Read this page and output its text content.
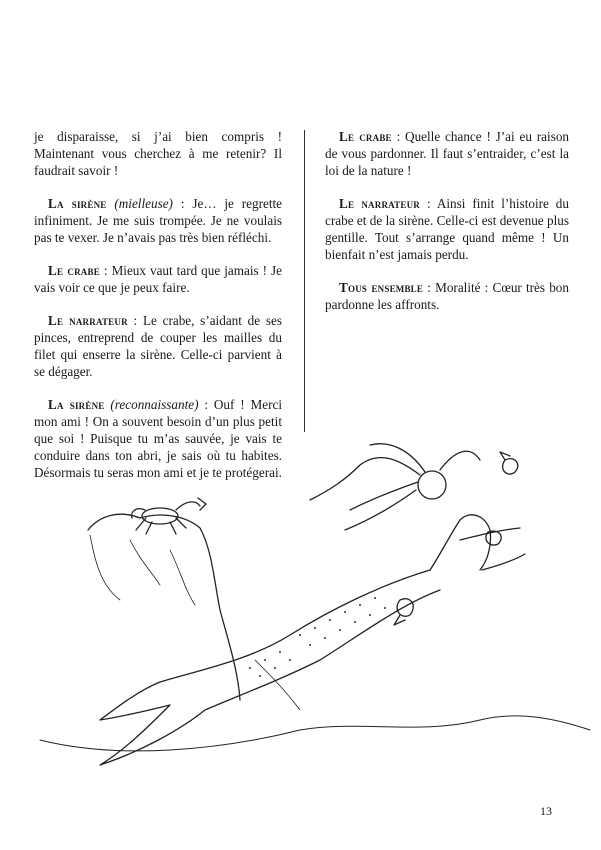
je disparaisse, si j’ai bien compris ! Maintenant vous cherchez à me retenir? Il faudrait savoir !

La sirène (mielleuse) : Je… je regrette infiniment. Je me suis trompée. Je ne voulais pas te vexer. Je n’avais pas très bien réfléchi.

Le crabe : Mieux vaut tard que jamais ! Je vais voir ce que je peux faire.

Le narrateur : Le crabe, s’aidant de ses pinces, entreprend de couper les mailles du filet qui enserre la sirène. Celle-ci parvient à se dégager.

La sirène (reconnaissante) : Ouf ! Merci mon ami ! On a souvent besoin d’un plus petit que soi ! Puisque tu m’as sauvée, je vais te conduire dans ton abri, je sais où tu habites. Désormais tu seras mon ami et je te protégerai.

Le crabe : Quelle chance ! J’ai eu raison de vous pardonner. Il faut s’entraider, c’est la loi de la nature !

Le narrateur : Ainsi finit l’histoire du crabe et de la sirène. Celle-ci est devenue plus gentille. Tout s’arrange quand même ! Un bienfait n’est jamais perdu.

Tous ensemble : Moralité : Cœur très bon pardonne les affronts.

13
